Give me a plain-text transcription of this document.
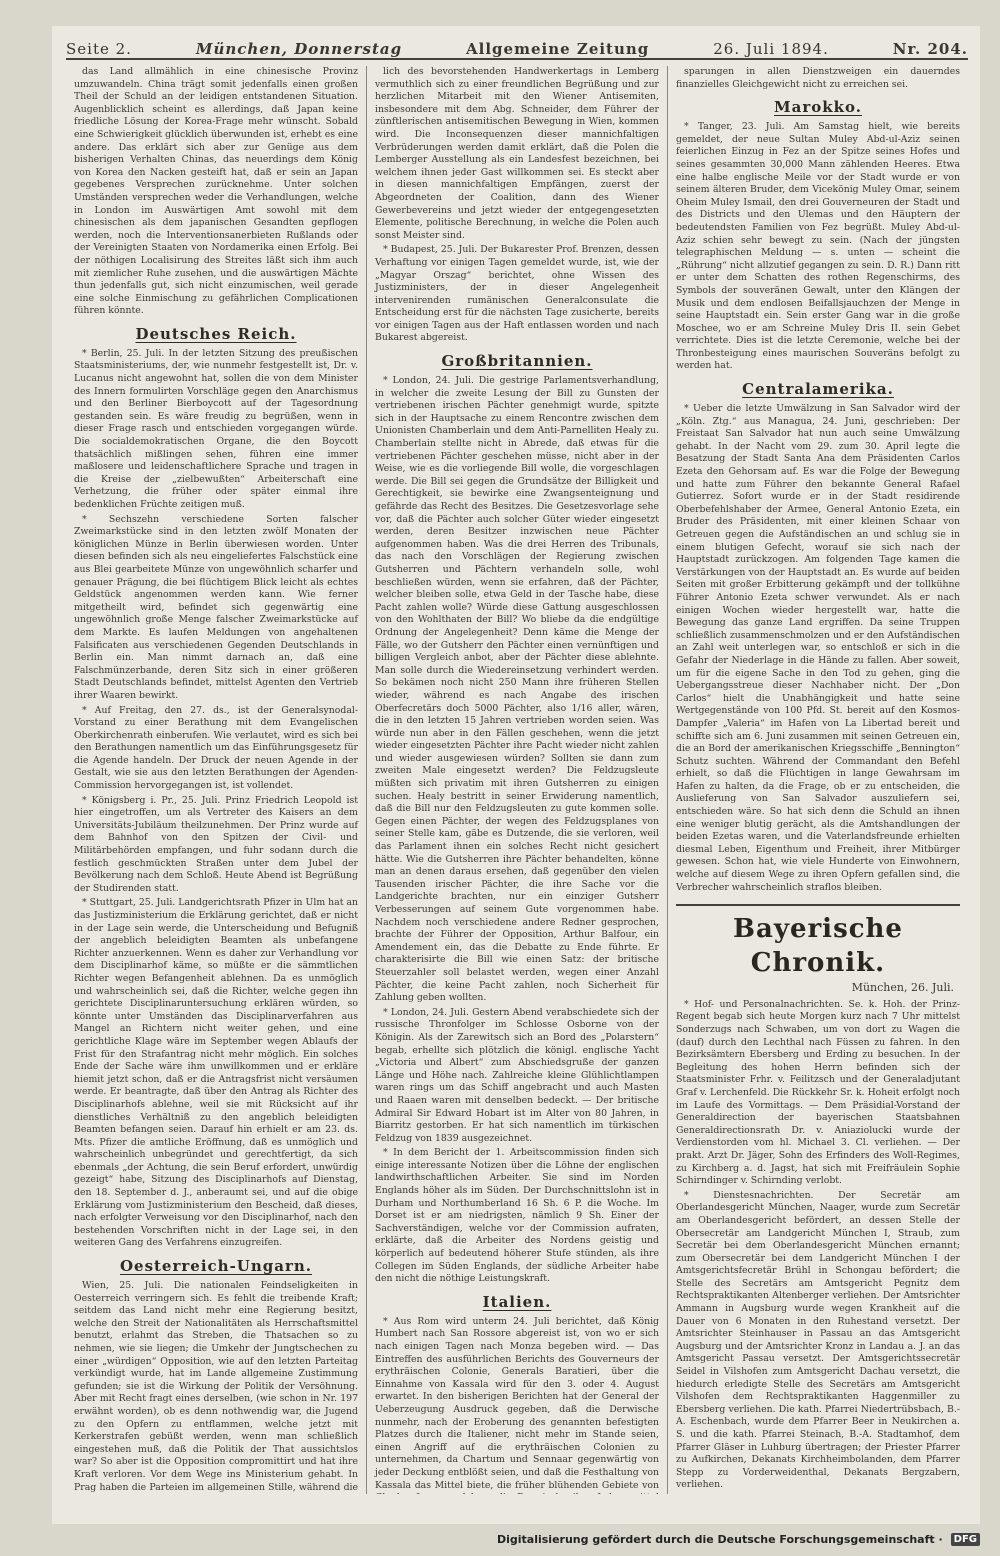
Seite 2.	München, Donnerstag	Allgemeine Zeitung	26. Juli 1894.	Nr. 204.

das Land allmählich in eine chinesische Provinz umzuwandeln. China trägt somit jedenfalls einen großen Theil der Schuld an der leidigen entstandenen Situation. Augenblicklich scheint es allerdings, daß Japan keine friedliche Lösung der Korea-Frage mehr wünscht. Sobald eine Schwierigkeit glücklich überwunden ist, erhebt es eine andere. Das erklärt sich aber zur Genüge aus dem bisherigen Verhalten Chinas, das neuerdings dem König von Korea den Nacken gesteift hat, daß er sein an Japan gegebenes Versprechen zurücknehme. Unter solchen Umständen versprechen weder die Verhandlungen, welche in London im Auswärtigen Amt sowohl mit dem chinesischen als dem japanischen Gesandten gepflogen werden, noch die Interventionsanerbieten Rußlands oder der Vereinigten Staaten von Nordamerika einen Erfolg. Bei der nöthigen Localisirung des Streites läßt sich ihm auch mit ziemlicher Ruhe zusehen, und die auswärtigen Mächte thun jedenfalls gut, sich nicht einzumischen, weil gerade eine solche Einmischung zu gefährlichen Complicationen führen könnte.

Deutsches Reich.

* Berlin, 25. Juli. In der letzten Sitzung des preußischen Staatsministeriums, der, wie nunmehr festgestellt ist, Dr. v. Lucanus nicht angewohnt hat, sollen die von dem Minister des Innern formulirten Vorschläge gegen den Anarchismus und den Berliner Bierboycott auf der Tagesordnung gestanden sein. Es wäre freudig zu begrüßen, wenn in dieser Frage rasch und entschieden vorgegangen würde. Die socialdemokratischen Organe, die den Boycott thatsächlich mißlingen sehen, führen eine immer maßlosere und leidenschaftlichere Sprache und tragen in die Kreise der „zielbewußten“ Arbeiterschaft eine Verhetzung, die früher oder später einmal ihre bedenklichen Früchte zeitigen muß.

* Sechszehn verschiedene Sorten falscher Zweimarkstücke sind in den letzten zwölf Monaten der königlichen Münze in Berlin überwiesen worden. Unter diesen befinden sich als neu eingeliefertes Falschstück eine aus Blei gearbeitete Münze von ungewöhnlich scharfer und genauer Prägung, die bei flüchtigem Blick leicht als echtes Geldstück angenommen werden kann. Wie ferner mitgetheilt wird, befindet sich gegenwärtig eine ungewöhnlich große Menge falscher Zweimarkstücke auf dem Markte. Es laufen Meldungen von angehaltenen Falsificaten aus verschiedenen Gegenden Deutschlands in Berlin ein. Man nimmt darnach an, daß eine Falschmünzerbande, deren Sitz sich in einer größeren Stadt Deutschlands befindet, mittelst Agenten den Vertrieb ihrer Waaren bewirkt.

* Auf Freitag, den 27. ds., ist der Generalsynodal-Vorstand zu einer Berathung mit dem Evangelischen Oberkirchenrath einberufen. Wie verlautet, wird es sich bei den Berathungen namentlich um das Einführungsgesetz für die Agende handeln. Der Druck der neuen Agende in der Gestalt, wie sie aus den letzten Berathungen der Agenden-Commission hervorgegangen ist, ist vollendet.

* Königsberg i. Pr., 25. Juli. Prinz Friedrich Leopold ist hier eingetroffen, um als Vertreter des Kaisers an dem Universitäts-Jubiläum theilzunehmen. Der Prinz wurde auf dem Bahnhof von den Spitzen der Civil- und Militärbehörden empfangen, und fuhr sodann durch die festlich geschmückten Straßen unter dem Jubel der Bevölkerung nach dem Schloß. Heute Abend ist Begrüßung der Studirenden statt.

* Stuttgart, 25. Juli. Landgerichtsrath Pfizer in Ulm hat an das Justizministerium die Erklärung gerichtet, daß er nicht in der Lage sein werde, die Unterscheidung und Befugniß der angeblich beleidigten Beamten als unbefangene Richter anzuerkennen. Wenn es daher zur Verhandlung vor dem Disciplinarhof käme, so müßte er die sämmtlichen Richter wegen Befangenheit ablehnen. Da es unmöglich und wahrscheinlich sei, daß die Richter, welche gegen ihn gerichtete Disciplinaruntersuchung erklären würden, so könnte unter Umständen das Disciplinarverfahren aus Mangel an Richtern nicht weiter gehen, und eine gerichtliche Klage wäre im September wegen Ablaufs der Frist für den Strafantrag nicht mehr möglich. Ein solches Ende der Sache wäre ihm unwillkommen und er erkläre hiemit jetzt schon, daß er die Antragsfrist nicht versäumen werde. Er beantragte, daß über den Antrag als Richter des Disciplinarhofs ablehne, weil sie mit Rücksicht auf ihr dienstliches Verhältniß zu den angeblich beleidigten Beamten befangen seien. Darauf hin erhielt er am 23. ds. Mts. Pfizer die amtliche Eröffnung, daß es unmöglich und wahrscheinlich unbegründet und gerechtfertigt, da sich ebenmals „der Achtung, die sein Beruf erfordert, unwürdig gezeigt“ habe, Sitzung des Disciplinarhofs auf Dienstag, den 18. September d. J., anberaumt sei, und auf die obige Erklärung vom Justizministerium den Bescheid, daß dieses, nach erfolgter Verweisung vor den Disciplinarhof, nach den bestehenden Vorschriften nicht in der Lage sei, in den weiteren Gang des Verfahrens einzugreifen.

Oesterreich-Ungarn.

Wien, 25. Juli. Die nationalen Feindseligkeiten in Oesterreich verringern sich. Es fehlt die treibende Kraft; seitdem das Land nicht mehr eine Regierung besitzt, welche den Streit der Nationalitäten als Herrschaftsmittel benutzt, erlahmt das Streben, die Thatsachen so zu nehmen, wie sie liegen; die Umkehr der Jungtschechen zu einer „würdigen“ Opposition, wie auf den letzten Parteitag verkündigt wurde, hat im Lande allgemeine Zustimmung gefunden; sie ist die Wirkung der Politik der Versöhnung. Aber mit Recht fragt eines derselben, (wie schon in Nr. 197 erwähnt worden), ob es denn nothwendig war, die Jugend zu den Opfern zu entflammen, welche jetzt mit Kerkerstrafen gebüßt werden, wenn man schließlich eingestehen muß, daß die Politik der That aussichtslos war? So aber ist die Opposition compromittirt und hat ihre Kraft verloren. Vor dem Wege ins Ministerium gehabt. In Prag haben die Parteien im allgemeinen Stille, während die

lich des bevorstehenden Handwerkertags in Lemberg vermuthlich sich zu einer freundlichen Begrüßung und zur herzlichen Mitarbeit mit den Wiener Antisemiten, insbesondere mit dem Abg. Schneider, dem Führer der zünftlerischen antisemitischen Bewegung in Wien, kommen wird. Die Inconsequenzen dieser mannichfaltigen Verbrüderungen werden damit erklärt, daß die Polen die Lemberger Ausstellung als ein Landesfest bezeichnen, bei welchem ihnen jeder Gast willkommen sei. Es steckt aber in diesen mannichfaltigen Empfängen, zuerst der Abgeordneten der Coalition, dann des Wiener Gewerbevereins und jetzt wieder der entgegengesetzten Elemente, politische Berechnung, in welche die Polen auch sonst Meister sind.

* Budapest, 25. Juli. Der Bukarester Prof. Brenzen, dessen Verhaftung vor einigen Tagen gemeldet wurde, ist, wie der „Magyar Orszag“ berichtet, ohne Wissen des Justizministers, der in dieser Angelegenheit intervenirenden rumänischen Generalconsulate die Entscheidung erst für die nächsten Tage zusicherte, bereits vor einigen Tagen aus der Haft entlassen worden und nach Bukarest abgereist.

Großbritannien.

* London, 24. Juli. Die gestrige Parlamentsverhandlung, in welcher die zweite Lesung der Bill zu Gunsten der vertriebenen irischen Pächter genehmigt wurde, spitzte sich in der Hauptsache zu einem Rencontre zwischen dem Unionisten Chamberlain und dem Anti-Parnelliten Healy zu. Chamberlain stellte nicht in Abrede, daß etwas für die vertriebenen Pächter geschehen müsse, nicht aber in der Weise, wie es die vorliegende Bill wolle, die vorgeschlagen werde. Die Bill sei gegen die Grundsätze der Billigkeit und Gerechtigkeit, sie bewirke eine Zwangsenteignung und gefährde das Recht des Besitzes. Die Gesetzesvorlage sehe vor, daß die Pächter auch solcher Güter wieder eingesetzt werden, deren Besitzer inzwischen neue Pächter aufgenommen haben. Was die drei Herren des Tribunals, das nach den Vorschlägen der Regierung zwischen Gutsherren und Pächtern verhandeln solle, wohl beschließen würden, wenn sie erfahren, daß der Pächter, welcher bleiben solle, etwa Geld in der Tasche habe, diese Pacht zahlen wolle? Würde diese Gattung ausgeschlossen von den Wohlthaten der Bill? Wo bliebe da die endgültige Ordnung der Angelegenheit? Denn käme die Menge der Fälle, wo der Gutsherr den Pächter einen vernünftigen und billigen Vergleich anbot, aber der Pächter diese ablehnte. Man solle durch die Wiedereinsetzung verhindert werden. So bekämen noch nicht 250 Mann ihre früheren Stellen wieder, während es nach Angabe des irischen Oberfecretärs doch 5000 Pächter, also 1/16 aller, wären, die in den letzten 15 Jahren vertrieben worden seien. Was würde nun aber in den Fällen geschehen, wenn die jetzt wieder eingesetzten Pächter ihre Pacht wieder nicht zahlen und wieder ausgewiesen würden? Sollten sie dann zum zweiten Male eingesetzt werden? Die Feldzugsleute müßten sich privatim mit ihren Gutsherren zu einigen suchen. Healy bestritt in seiner Erwiderung namentlich, daß die Bill nur den Feldzugsleuten zu gute kommen solle. Gegen einen Pächter, der wegen des Feldzugsplanes von seiner Stelle kam, gäbe es Dutzende, die sie verloren, weil das Parlament ihnen ein solches Recht nicht gesichert hätte. Wie die Gutsherren ihre Pächter behandelten, könne man an denen daraus ersehen, daß gegenüber den vielen Tausenden irischer Pächter, die ihre Sache vor die Landgerichte brachten, nur ein einziger Gutsherr Verbesserungen auf seinem Gute vorgenommen habe. Nachdem noch verschiedene andere Redner gesprochen, brachte der Führer der Opposition, Arthur Balfour, ein Amendement ein, das die Debatte zu Ende führte. Er charakterisirte die Bill wie einen Satz: der britische Steuerzahler soll belastet werden, wegen einer Anzahl Pächter, die keine Pacht zahlen, noch Sicherheit für Zahlung geben wollten.

* London, 24. Juli. Gestern Abend verabschiedete sich der russische Thronfolger im Schlosse Osborne von der Königin. Als der Zarewitsch sich an Bord des „Polarstern“ begab, erhellte sich plötzlich die königl. englische Yacht „Victoria und Albert“ zum Abschiedsgruße der ganzen Länge und Höhe nach. Zahlreiche kleine Glühlichtlampen waren rings um das Schiff angebracht und auch Masten und Raaen waren mit denselben bedeckt. — Der britische Admiral Sir Edward Hobart ist im Alter von 80 Jahren, in Biarritz gestorben. Er hat sich namentlich im türkischen Feldzug von 1839 ausgezeichnet.

* In dem Bericht der 1. Arbeitscommission finden sich einige interessante Notizen über die Löhne der englischen landwirthschaftlichen Arbeiter. Sie sind im Norden Englands höher als im Süden. Der Durchschnittslohn ist in Durham und Northumberland 16 Sh. 6 P. die Woche. Im Dorset ist er am niedrigsten, nämlich 9 Sh. Einer der Sachverständigen, welche vor der Commission aufraten, erklärte, daß die Arbeiter des Nordens geistig und körperlich auf bedeutend höherer Stufe stünden, als ihre Collegen im Süden Englands, der südliche Arbeiter habe den nicht die nöthige Leistungskraft.

Italien.

* Aus Rom wird unterm 24. Juli berichtet, daß König Humbert nach San Rossore abgereist ist, von wo er sich nach einigen Tagen nach Monza begeben wird. — Das Eintreffen des ausführlichen Berichts des Gouverneurs der erythräischen Colonie, Generals Baratieri, über die Einnahme von Kassala wird für den 3. oder 4. August erwartet. In den bisherigen Berichten hat der General der Ueberzeugung Ausdruck gegeben, daß die Derwische nunmehr, nach der Eroberung des genannten befestigten Platzes durch die Italiener, nicht mehr im Stande seien, einen Angriff auf die erythräischen Colonien zu unternehmen, da Chartum und Sennaar gegenwärtig von jeder Deckung entblößt seien, und daß die Festhaltung von Kassala das Mittel biete, die früher blühenden Gebiete von

sparungen in allen Dienstzweigen ein dauerndes finanzielles Gleichgewicht nicht zu erreichen sei.

Marokko.

* Tanger, 23. Juli. Am Samstag hielt, wie bereits gemeldet, der neue Sultan Muley Abd-ul-Aziz seinen feierlichen Einzug in Fez an der Spitze seines Hofes und seines gesammten 30,000 Mann zählenden Heeres. Etwa eine halbe englische Meile vor der Stadt wurde er von seinem älteren Bruder, dem Vicekönig Muley Omar, seinem Oheim Muley Ismail, den drei Gouverneuren der Stadt und des Districts und den Ulemas und den Häuptern der bedeutendsten Familien von Fez begrüßt. Muley Abd-ul-Aziz schien sehr bewegt zu sein. (Nach der jüngsten telegraphischen Meldung — s. unten — scheint die „Rührung“ nicht allzutief gegangen zu sein. D. R.) Dann ritt er unter dem Schatten des rothen Regenschirms, des Symbols der souveränen Gewalt, unter den Klängen der Musik und dem endlosen Beifallsjauchzen der Menge in seine Hauptstadt ein. Sein erster Gang war in die große Moschee, wo er am Schreine Muley Dris II. sein Gebet verrichtete. Dies ist die letzte Ceremonie, welche bei der Thronbesteigung eines maurischen Souveräns befolgt zu werden hat.

Centralamerika.

* Ueber die letzte Umwälzung in San Salvador wird der „Köln. Ztg.“ aus Managua, 24. Juni, geschrieben: Der Freistaat San Salvador hat nun auch seine Umwälzung gehabt. In der Nacht vom 29. zum 30. April legte die Besatzung der Stadt Santa Ana dem Präsidenten Carlos Ezeta den Gehorsam auf. Es war die Folge der Bewegung und hatte zum Führer den bekannte General Rafael Gutierrez. Sofort wurde er in der Stadt residirende Oberbefehlshaber der Armee, General Antonio Ezeta, ein Bruder des Präsidenten, mit einer kleinen Schaar von Getreuen gegen die Aufständischen an und schlug sie in einem blutigen Gefecht, worauf sie sich nach der Hauptstadt zurückzogen. Am folgenden Tage kamen die Verstärkungen von der Hauptstadt an. Es wurde auf beiden Seiten mit großer Erbitterung gekämpft und der tollkühne Führer Antonio Ezeta schwer verwundet. Als er nach einigen Wochen wieder hergestellt war, hatte die Bewegung das ganze Land ergriffen. Da seine Truppen schließlich zusammenschmolzen und er den Aufständischen an Zahl weit unterlegen war, so entschloß er sich in die Gefahr der Niederlage in die Hände zu fallen. Aber soweit, um für die eigene Sache in den Tod zu gehen, ging die Uebergangsstreue dieser Nachhaber nicht. Der „Don Carlos“ hielt die Unabhängigkeit und hatte seine Wertgegenstände von 100 Pfd. St. bereit auf den Kosmos-Dampfer „Valeria“ im Hafen von La Libertad bereit und schiffte sich am 6. Juni zusammen mit seinen Getreuen ein, die an Bord der amerikanischen Kriegsschiffe „Bennington“ Schutz suchten. Während der Commandant den Befehl erhielt, so daß die Flüchtigen in lange Gewahrsam im Hafen zu halten, da die Frage, ob er zu entscheiden, die Auslieferung von San Salvador auszuliefern sei, entschieden wäre. So hat sich denn die Schuld an ihnen eine weniger blutig gerächt, als die Amtshandlungen der beiden Ezetas waren, und die Vaterlandsfreunde erhielten diesmal Leben, Eigenthum und Freiheit, ihrer Mitbürger gewesen. Schon hat, wie viele Hunderte von Einwohnern, welche auf diesem Wege zu ihren Opfern gefallen sind, die Verbrecher wahrscheinlich straflos bleiben.

Bayerische Chronik.
München, 26. Juli.

* Hof- und Personalnachrichten. Se. k. Hoh. der Prinz-Regent begab sich heute Morgen kurz nach 7 Uhr mittelst Sonderzugs nach Schwaben, um von dort zu Wagen die (dauf) durch den Lechthal nach Füssen zu fahren. In den Bezirksämtern Ebersberg und Erding zu besuchen. In der Begleitung des hohen Herrn befinden sich der Staatsminister Frhr. v. Feilitzsch und der Generaladjutant Graf v. Lerchenfeld. Die Rückkehr Sr. k. Hoheit erfolgt noch im Laufe des Vormittags. — Dem Präsidial-Vorstand der Generaldirection der bayerischen Staatsbahnen Generaldirectionsrath Dr. v. Aniaziolucki wurde der Verdienstorden vom hl. Michael 3. Cl. verliehen. — Der prakt. Arzt Dr. Jäger, Sohn des Erfinders des Woll-Regimes, zu Kirchberg a. d. Jagst, hat sich mit Freifräulein Sophie Schirndinger v. Schirnding verlobt.

* Dienstesnachrichten. Der Secretär am Oberlandesgericht München, Naager, wurde zum Secretär am Oberlandesgericht befördert, an dessen Stelle der Obersecretär am Landgericht München I, Straub, zum Secretär bei dem Oberlandesgericht München ernannt; zum Obersecretär bei dem Landgericht München I der Amtsgerichtsfecretär Brühl in Schongau befördert; die Stelle des Secretärs am Amtsgericht Pegnitz dem Rechtspraktikanten Altenberger verliehen. Der Amtsrichter Ammann in Augsburg wurde wegen Krankheit auf die Dauer von 6 Monaten in den Ruhestand versetzt. Der Amtsrichter Steinhauser in Passau an das Amtsgericht Augsburg und der Amtsrichter Kronz in Landau a. J. an das Amtsgericht Passau versetzt. Der Amtsgerichtssecretär Seidel in Vilshofen zum Amtsgericht Dachau versetzt, die hiedurch erledigte Stelle des Secretärs am Amtsgericht Vilshofen dem Rechtspraktikanten Haggenmiller zu Ebersberg verliehen. Die kath. Pfarrei Niedertrübsbach, B.-A. Eschenbach, wurde dem Pfarrer Beer in Neukirchen a. S. und die kath. Pfarrei Steinach, B.-A. Stadtamhof, dem Pfarrer Gläser in Luhburg übertragen; der Priester Pfarrer zu Aufkirchen, Dekanats Kirchheimbolanden, dem Pfarrer Stepp zu Vorderweidenthal, Dekanats Bergzabern, verliehen.

Digitalisierung gefördert durch die Deutsche Forschungsgemeinschaft ·	DFG
